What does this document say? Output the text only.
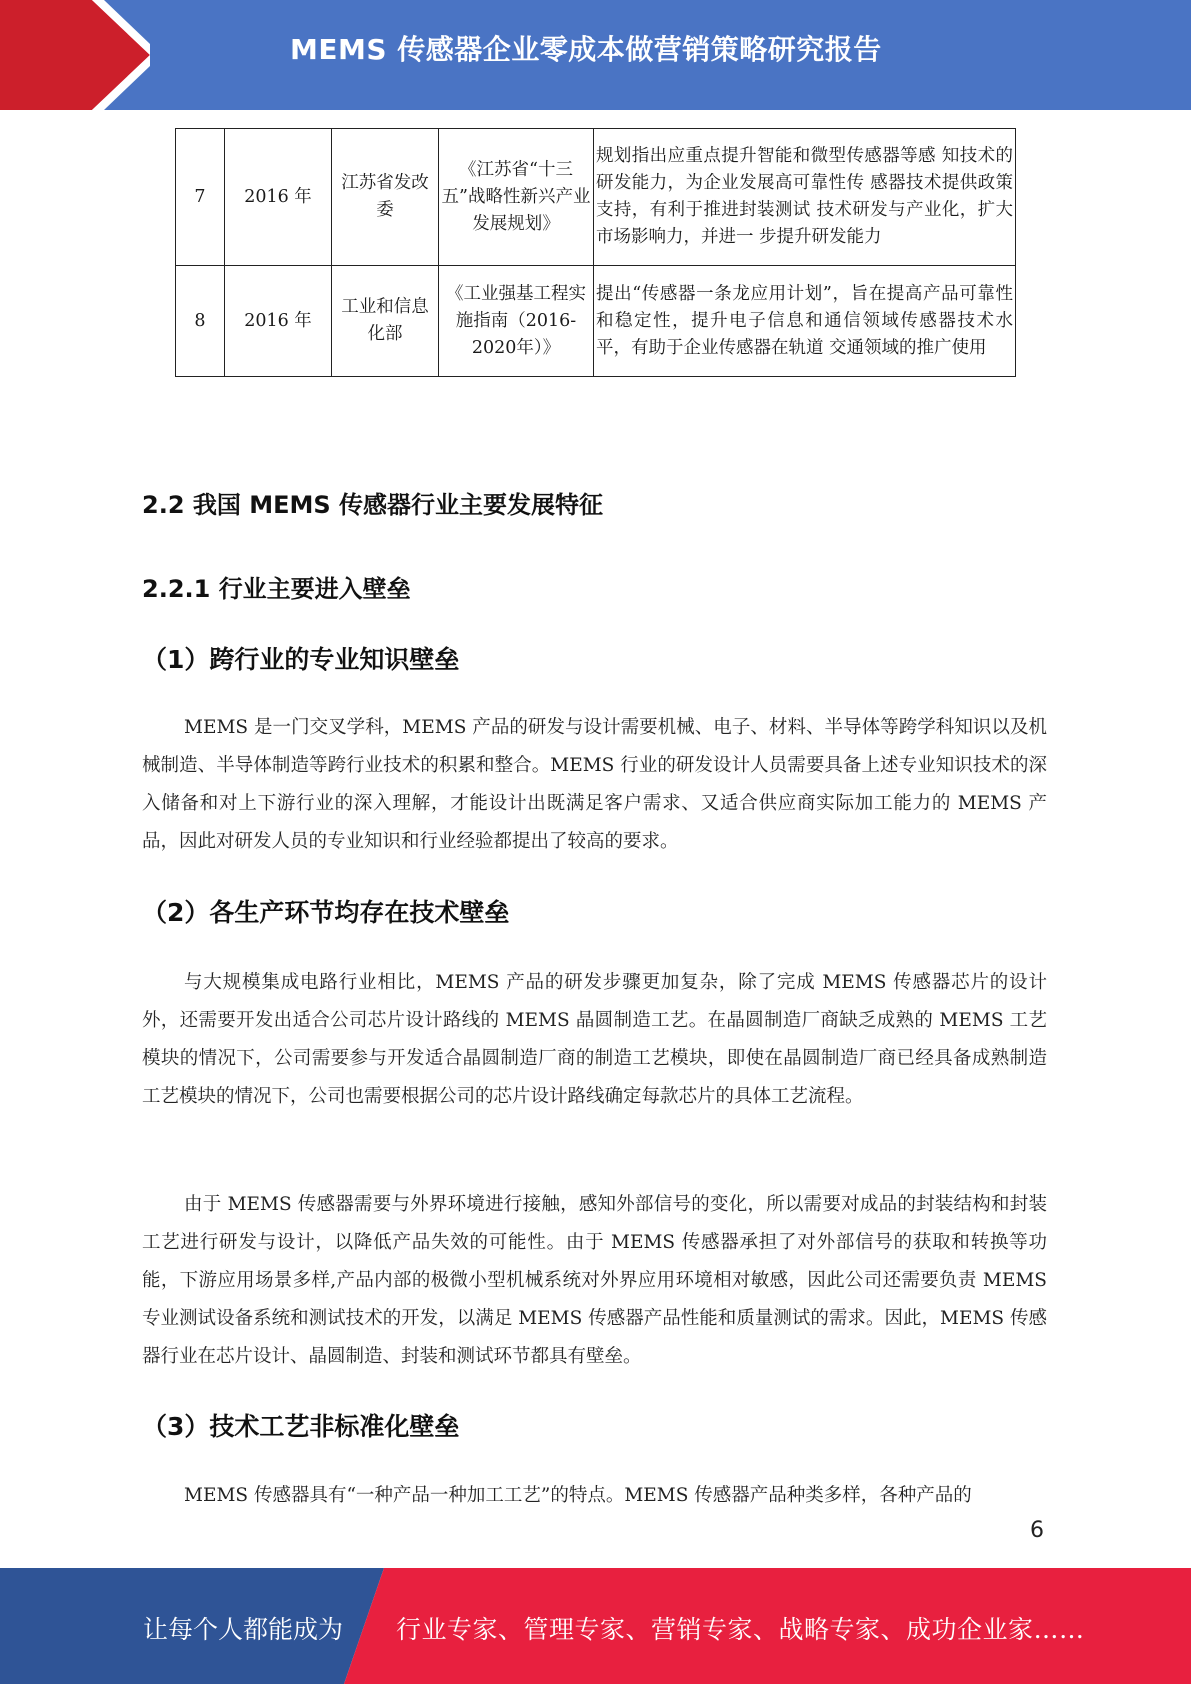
MEMS 传感器企业零成本做营销策略研究报告
7	2016 年	江苏省发改委	《江苏省“十三五”战略性新兴产业发展规划》	规划指出应重点提升智能和微型传感器等感 知技术的研发能力，为企业发展高可靠性传 感器技术提供政策支持，有利于推进封装测试 技术研发与产业化，扩大市场影响力，并进一 步提升研发能力
8	2016 年	工业和信息化部	《工业强基工程实施指南（2016-2020年）》	提出“传感器一条龙应用计划”，旨在提高产品可靠性和稳定性，提升电子信息和通信领域传感器技术水平，有助于企业传感器在轨道 交通领域的推广使用
2.2 我国 MEMS 传感器行业主要发展特征
2.2.1 行业主要进入壁垒
（1）跨行业的专业知识壁垒

MEMS 是一门交叉学科，MEMS 产品的研发与设计需要机械、电子、材料、半导体等跨学科知识以及机械制造、半导体制造等跨行业技术的积累和整合。MEMS 行业的研发设计人员需要具备上述专业知识技术的深入储备和对上下游行业的深入理解，才能设计出既满足客户需求、又适合供应商实际加工能力的 MEMS 产品，因此对研发人员的专业知识和行业经验都提出了较高的要求。

（2）各生产环节均存在技术壁垒

与大规模集成电路行业相比，MEMS 产品的研发步骤更加复杂，除了完成 MEMS 传感器芯片的设计外，还需要开发出适合公司芯片设计路线的 MEMS 晶圆制造工艺。在晶圆制造厂商缺乏成熟的 MEMS 工艺模块的情况下，公司需要参与开发适合晶圆制造厂商的制造工艺模块，即使在晶圆制造厂商已经具备成熟制造工艺模块的情况下，公司也需要根据公司的芯片设计路线确定每款芯片的具体工艺流程。

由于 MEMS 传感器需要与外界环境进行接触，感知外部信号的变化，所以需要对成品的封装结构和封装工艺进行研发与设计，以降低产品失效的可能性。由于 MEMS 传感器承担了对外部信号的获取和转换等功能，下游应用场景多样,产品内部的极微小型机械系统对外界应用环境相对敏感，因此公司还需要负责 MEMS 专业测试设备系统和测试技术的开发，以满足 MEMS 传感器产品性能和质量测试的需求。因此，MEMS 传感器行业在芯片设计、晶圆制造、封装和测试环节都具有壁垒。

（3）技术工艺非标准化壁垒

MEMS 传感器具有“一种产品一种加工工艺”的特点。MEMS 传感器产品种类多样，各种产品的

6
让每个人都能成为 行业专家、管理专家、营销专家、战略专家、成功企业家……
